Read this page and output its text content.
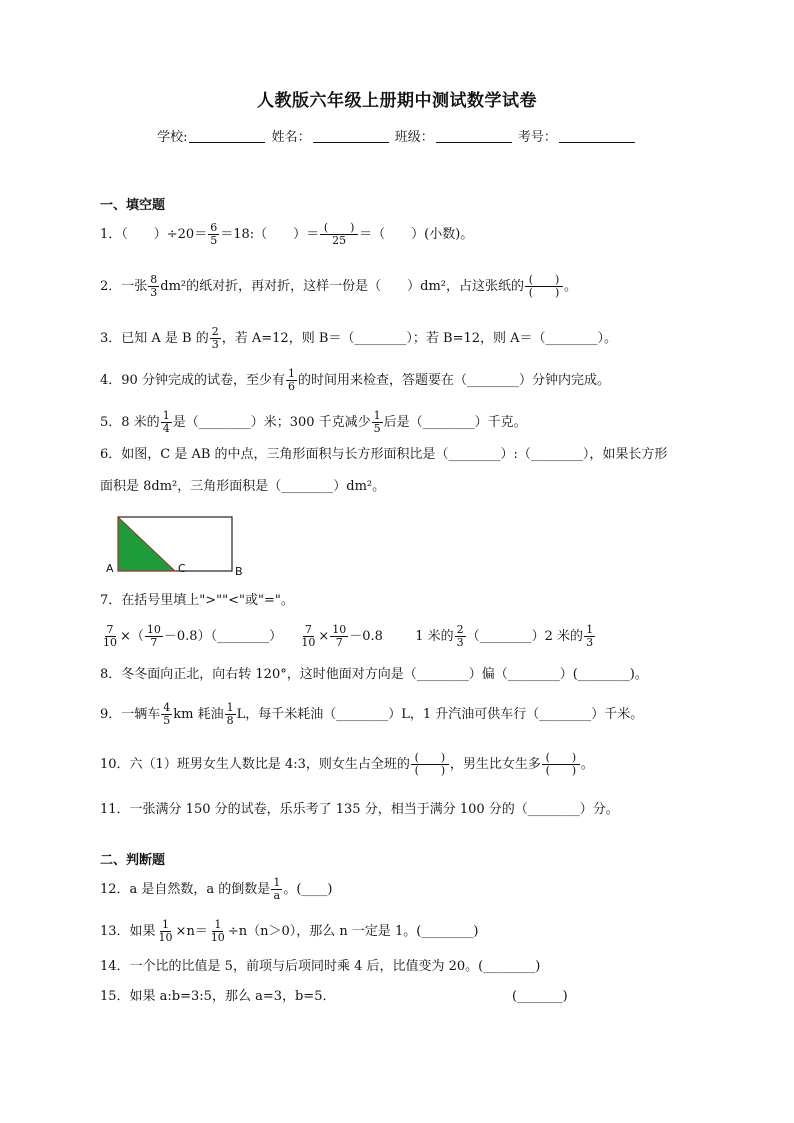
人教版六年级上册期中测试数学试卷
学校:	姓名：	班级：	考号：
一、填空题
1．（　　）$\div 20= \frac{6}{5}$ ＝18:（　　）＝ $\frac{( )}{25}$ ＝（　　）(小数)。
2．一张 $\frac{8}{3} dm^2$的纸对折，再对折，这样一份是（　　）dm²，占这张纸的 $\frac{( )}{( )}$ 。
3．已知 A 是 B 的 $\frac{2}{3}$ ，若 A=12，则 B＝（________）；若 B=12，则 A＝（________）。
4．90 分钟完成的试卷，至少有 $\frac{1}{6}$ 的时间用来检查，答题要在（________）分钟内完成。
5．8 米的 $\frac{1}{4}$ 是（________）米；300 千克减少 $\frac{1}{5}$ 后是（________）千克。
6．如图，C 是 AB 的中点，三角形面积与长方形面积比是（________）:（________），如果长方形
面积是 8dm²，三角形面积是（________）dm²。
A	C	B
7．在括号里填上">""<"或"="。
$\frac{7}{10}$ ×（ $\frac{10}{7}$ －0.8）（________） $\frac{7}{10} \times \frac{10}{7} -0.8$ 1 米的 $\frac{2}{3}$ （________）2 米的 $\frac{1}{3}$
8．冬冬面向正北，向右转 120°，这时他面对方向是（________）偏（________）(________)。
9．一辆车 $\frac{4}{5}$ km 耗油 $\frac{1}{8}$ L，每千米耗油（________）L，1 升汽油可供车行（________）千米。
10．六（1）班男女生人数比是 4:3，则女生占全班的 $\frac{( )}{( )}$ ，男生比女生多 $\frac{( )}{( )}$ 。
11．一张满分 150 分的试卷，乐乐考了 135 分，相当于满分 100 分的（________）分。
二、判断题
12．a 是自然数，a 的倒数是 $\frac{1}{a}$ 。(____)
13．如果 $\frac{1}{10} \times n= \frac{1}{10} \div n(n>0)$，那么 n 一定是 1。(________)
14．一个比的比值是 5，前项与后项同时乘 4 后，比值变为 20。(________)
15．如果 a:b=3:5，那么 a=3，b=5．	(_______)
